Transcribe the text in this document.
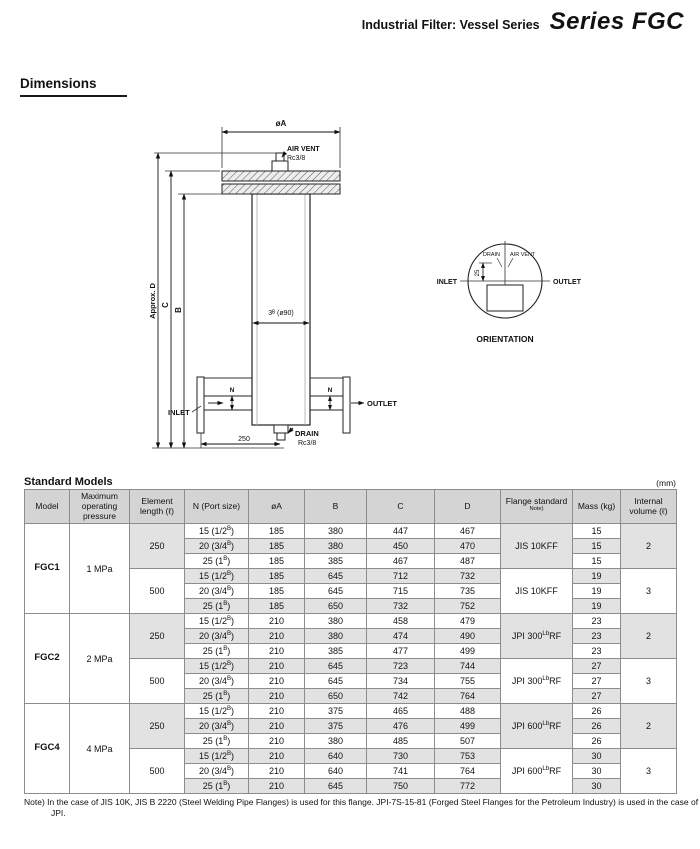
Industrial Filter: Vessel Series Series FGC
Dimensions
AIR VENT
Rc3/8
øA
Approx. D C
B	3ᴮ (ø90)
N	N
INLET
OUTLET
DRAIN
Rc3/8
250
DRAIN AIR VENT
25
INLET	OUTLET
ORIENTATION
Standard Models	(mm)
Model	Maximum operating pressure	Element length (ℓ)	N (Port size)	øA	B	C	D	Flange standard $^{Note)}$	Mass (kg)	Internal volume (ℓ)
FGC1	1 MPa	250	15 $(1/2^B)$	185	380	447	467	JIS 10KFF	15	2
			20 $(3/4^B)$	185	380	450	470		15	
			25 $(1^B)$	185	385	467	487		15	
		500	15 $(1/2^B)$	185	645	712	732	JIS 10KFF	19	3
			20 $(3/4^B)$	185	645	715	735		19	
			25 $(1^B)$	185	650	732	752		19	
FGC2	2 MPa	250	15 $(1/2^B)$	210	380	458	479	JPI $300^{Lb}RF$	23	2
			20 $(3/4^B)$	210	380	474	490		23	
			25 $(1^B)$	210	385	477	499		23	
		500	15 $(1/2^B)$	210	645	723	744	JPI $300^{Lb}RF$	27	3
			20 $(3/4^B)$	210	645	734	755		27	
			25 $(1^B)$	210	650	742	764		27	
FGC4	4 MPa	250	15 $(1/2^B)$	210	375	465	488	JPI $600^{Lb}RF$	26	2
			20 $(3/4^B)$	210	375	476	499		26	
			25 $(1^B)$	210	380	485	507		26	
		500	15 $(1/2^B)$	210	640	730	753	JPI $600^{Lb}RF$	30	3
			20 $(3/4^B)$	210	640	741	764		30	
			25 $(1^B)$	210	645	750	772		30	
Note) In the case of JIS 10K, JIS B 2220 (Steel Welding Pipe Flanges) is used for this flange. JPI-7S-15-81 (Forged Steel Flanges for the Petroleum Industry) is used in the case of JPI.
